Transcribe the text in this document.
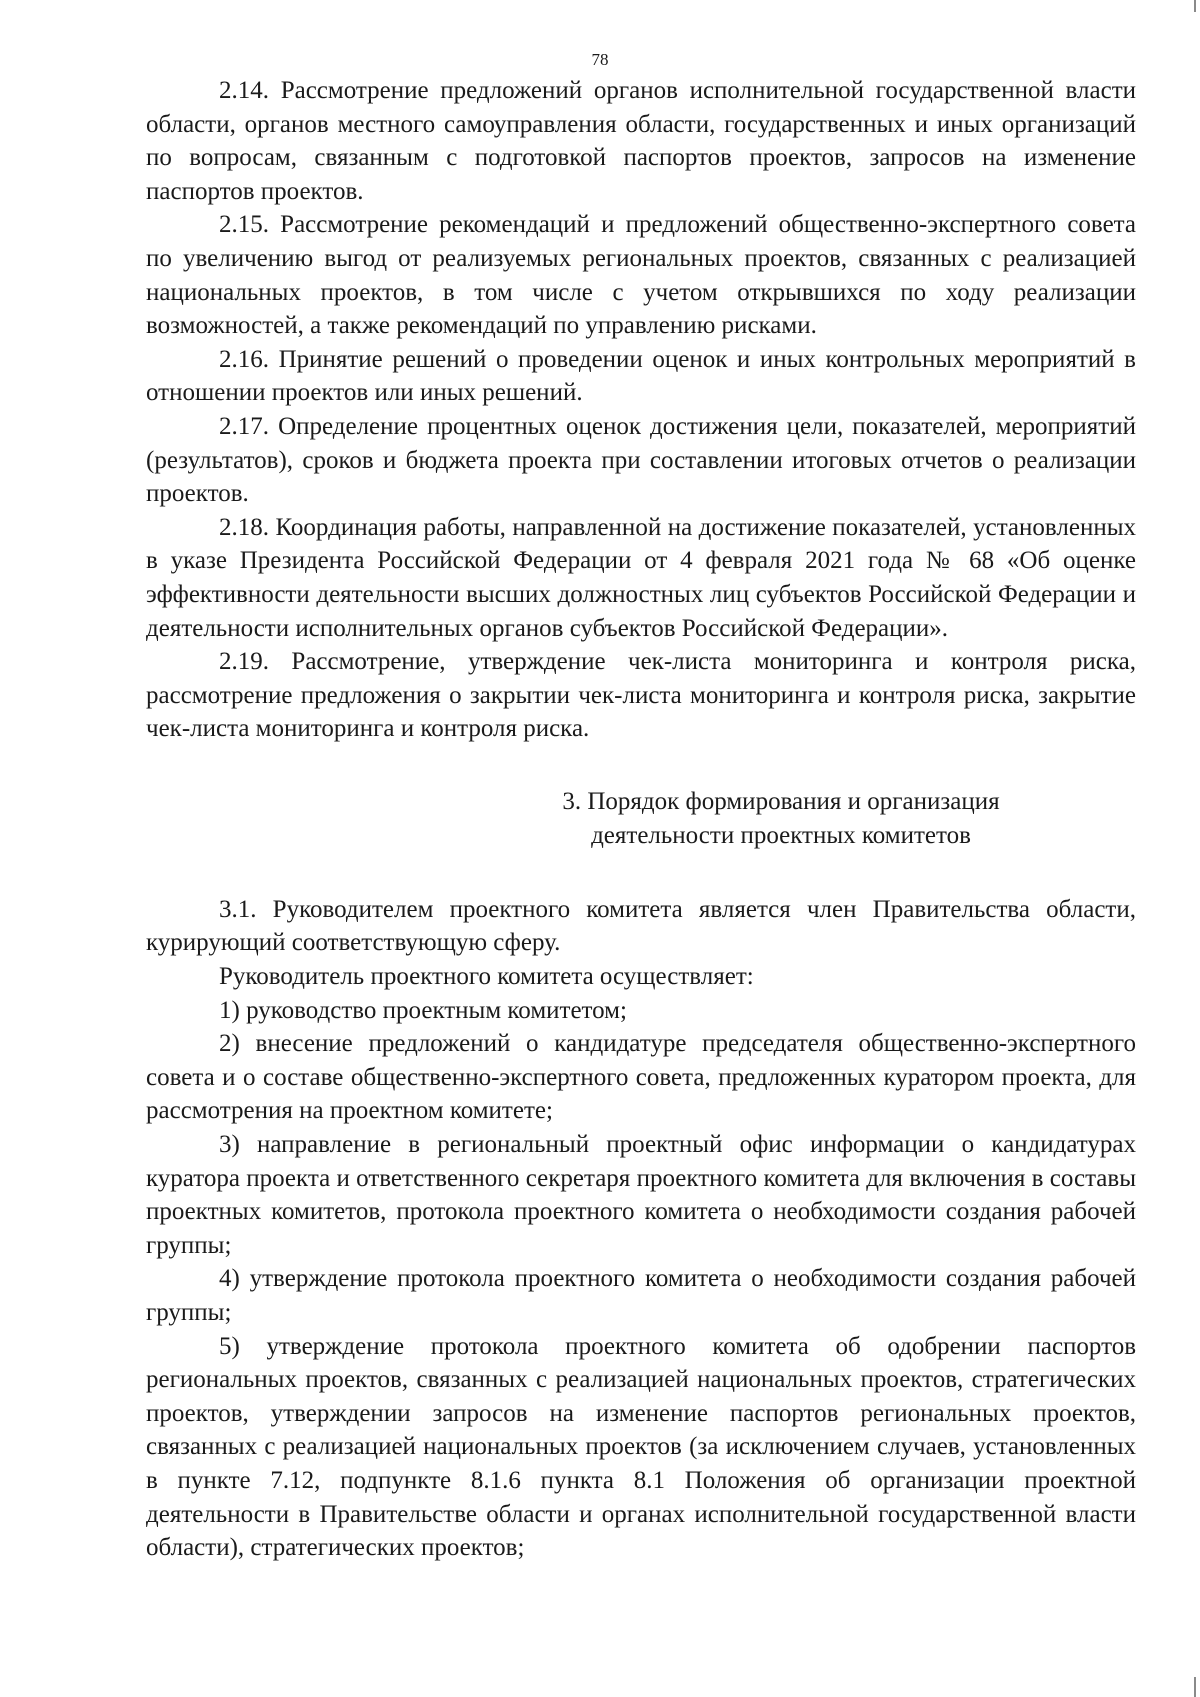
78

2.14. Рассмотрение предложений органов исполнительной государственной власти области, органов местного самоуправления области, государственных и иных организаций по вопросам, связанным с подготовкой паспортов проектов, запросов на изменение паспортов проектов.

2.15. Рассмотрение рекомендаций и предложений общественно-экспертного совета по увеличению выгод от реализуемых региональных проектов, связанных с реализацией национальных проектов, в том числе с учетом открывшихся по ходу реализации возможностей, а также рекомендаций по управлению рисками.

2.16. Принятие решений о проведении оценок и иных контрольных мероприятий в отношении проектов или иных решений.

2.17. Определение процентных оценок достижения цели, показателей, мероприятий (результатов), сроков и бюджета проекта при составлении итоговых отчетов о реализации проектов.

2.18. Координация работы, направленной на достижение показателей, установленных в указе Президента Российской Федерации от 4 февраля 2021 года № 68 «Об оценке эффективности деятельности высших должностных лиц субъектов Российской Федерации и деятельности исполнительных органов субъектов Российской Федерации».

2.19. Рассмотрение, утверждение чек-листа мониторинга и контроля риска, рассмотрение предложения о закрытии чек-листа мониторинга и контроля риска, закрытие чек-листа мониторинга и контроля риска.

3. Порядок формирования и организация
деятельности проектных комитетов

3.1. Руководителем проектного комитета является член Правительства области, курирующий соответствующую сферу.

Руководитель проектного комитета осуществляет:

1) руководство проектным комитетом;

2) внесение предложений о кандидатуре председателя общественно-экспертного совета и о составе общественно-экспертного совета, предложенных куратором проекта, для рассмотрения на проектном комитете;

3) направление в региональный проектный офис информации о кандидатурах куратора проекта и ответственного секретаря проектного комитета для включения в составы проектных комитетов, протокола проектного комитета о необходимости создания рабочей группы;

4) утверждение протокола проектного комитета о необходимости создания рабочей группы;

5) утверждение протокола проектного комитета об одобрении паспортов региональных проектов, связанных с реализацией национальных проектов, стратегических проектов, утверждении запросов на изменение паспортов региональных проектов, связанных с реализацией национальных проектов (за исключением случаев, установленных в пункте 7.12, подпункте 8.1.6 пункта 8.1 Положения об организации проектной деятельности в Правительстве области и органах исполнительной государственной власти области), стратегических проектов;
